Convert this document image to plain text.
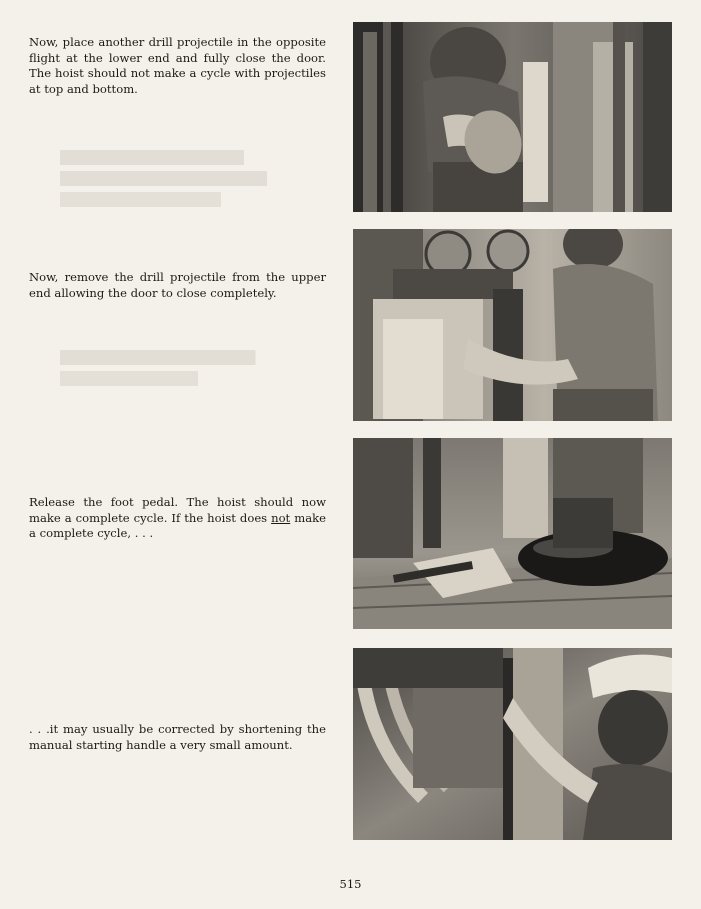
Now, place another drill projectile in the opposite flight at the lower end and fully close the door. The hoist should not make a cycle with projectiles at top and bottom.

Now, remove the drill projectile from the upper end allowing the door to close completely.

Release the foot pedal. The hoist should now make a complete cycle. If the hoist does not make a complete cycle, . . .

. . .it may usually be corrected by shortening the manual starting handle a very small amount.

515
